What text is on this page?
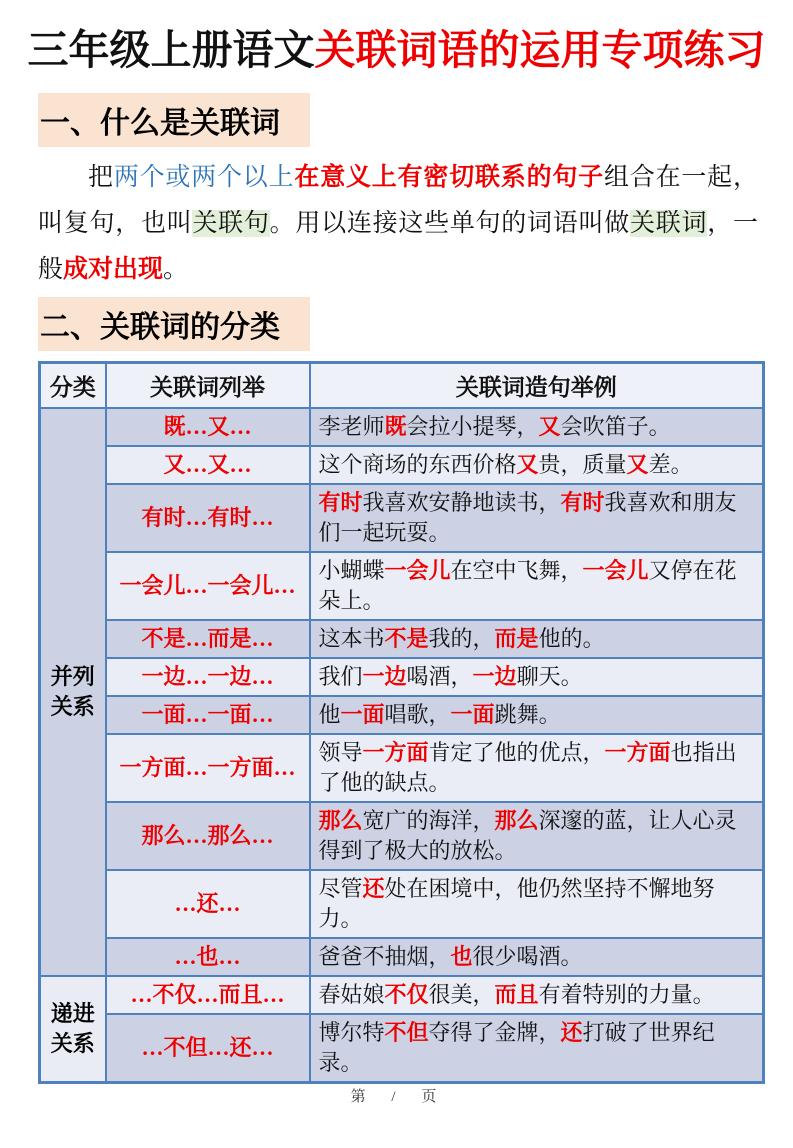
三年级上册语文关联词语的运用专项练习
一、什么是关联词

把两个或两个以上在意义上有密切联系的句子组合在一起，叫复句，也叫关联句。用以连接这些单句的词语叫做关联词，一般成对出现。

二、关联词的分类
分类	关联词列举	关联词造句举例
并列关系	既…又…	李老师既会拉小提琴，又会吹笛子。
	又…又…	这个商场的东西价格又贵，质量又差。
	有时…有时…	有时我喜欢安静地读书，有时我喜欢和朋友们一起玩耍。
	一会儿…一会儿…	小蝴蝶一会儿在空中飞舞，一会儿又停在花朵上。
	不是…而是…	这本书不是我的，而是他的。
	一边…一边…	我们一边喝酒，一边聊天。
	一面…一面…	他一面唱歌，一面跳舞。
	一方面…一方面…	领导一方面肯定了他的优点，一方面也指出了他的缺点。
	那么…那么…	那么宽广的海洋，那么深邃的蓝，让人心灵得到了极大的放松。
	…还…	尽管还处在困境中，他仍然坚持不懈地努力。
	…也…	爸爸不抽烟，也很少喝酒。
递进关系	…不仅…而且…	春姑娘不仅很美，而且有着特别的力量。
	…不但…还…	博尔特不但夺得了金牌，还打破了世界纪录。
第 / 页
